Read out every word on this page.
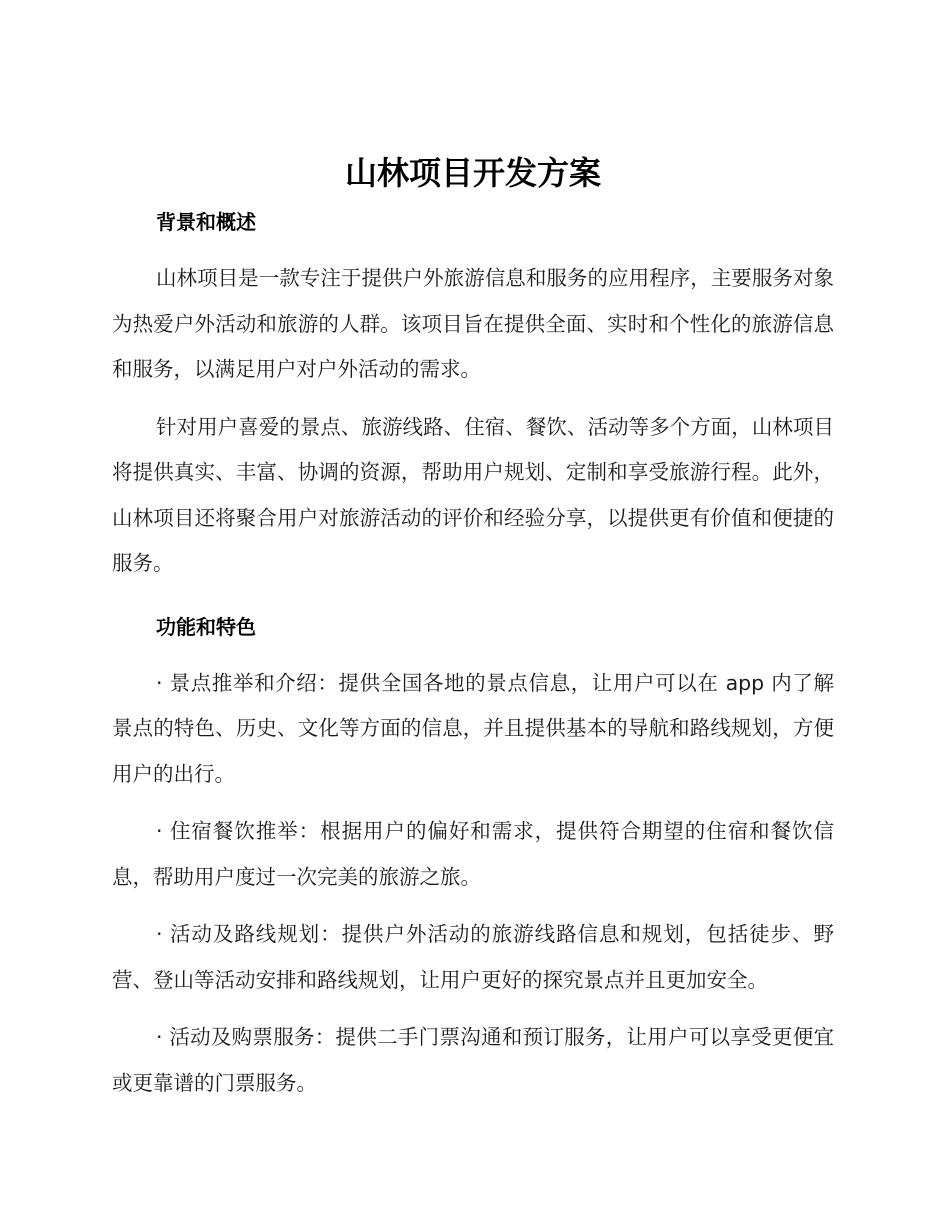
山林项目开发方案
背景和概述

山林项目是一款专注于提供户外旅游信息和服务的应用程序，主要服务对象为热爱户外活动和旅游的人群。该项目旨在提供全面、实时和个性化的旅游信息和服务，以满足用户对户外活动的需求。

针对用户喜爱的景点、旅游线路、住宿、餐饮、活动等多个方面，山林项目将提供真实、丰富、协调的资源，帮助用户规划、定制和享受旅游行程。此外，山林项目还将聚合用户对旅游活动的评价和经验分享，以提供更有价值和便捷的服务。

功能和特色

· 景点推举和介绍：提供全国各地的景点信息，让用户可以在 app 内了解景点的特色、历史、文化等方面的信息，并且提供基本的导航和路线规划，方便用户的出行。

· 住宿餐饮推举：根据用户的偏好和需求，提供符合期望的住宿和餐饮信息，帮助用户度过一次完美的旅游之旅。

· 活动及路线规划：提供户外活动的旅游线路信息和规划，包括徒步、野营、登山等活动安排和路线规划，让用户更好的探究景点并且更加安全。

· 活动及购票服务：提供二手门票沟通和预订服务，让用户可以享受更便宜或更靠谱的门票服务。
